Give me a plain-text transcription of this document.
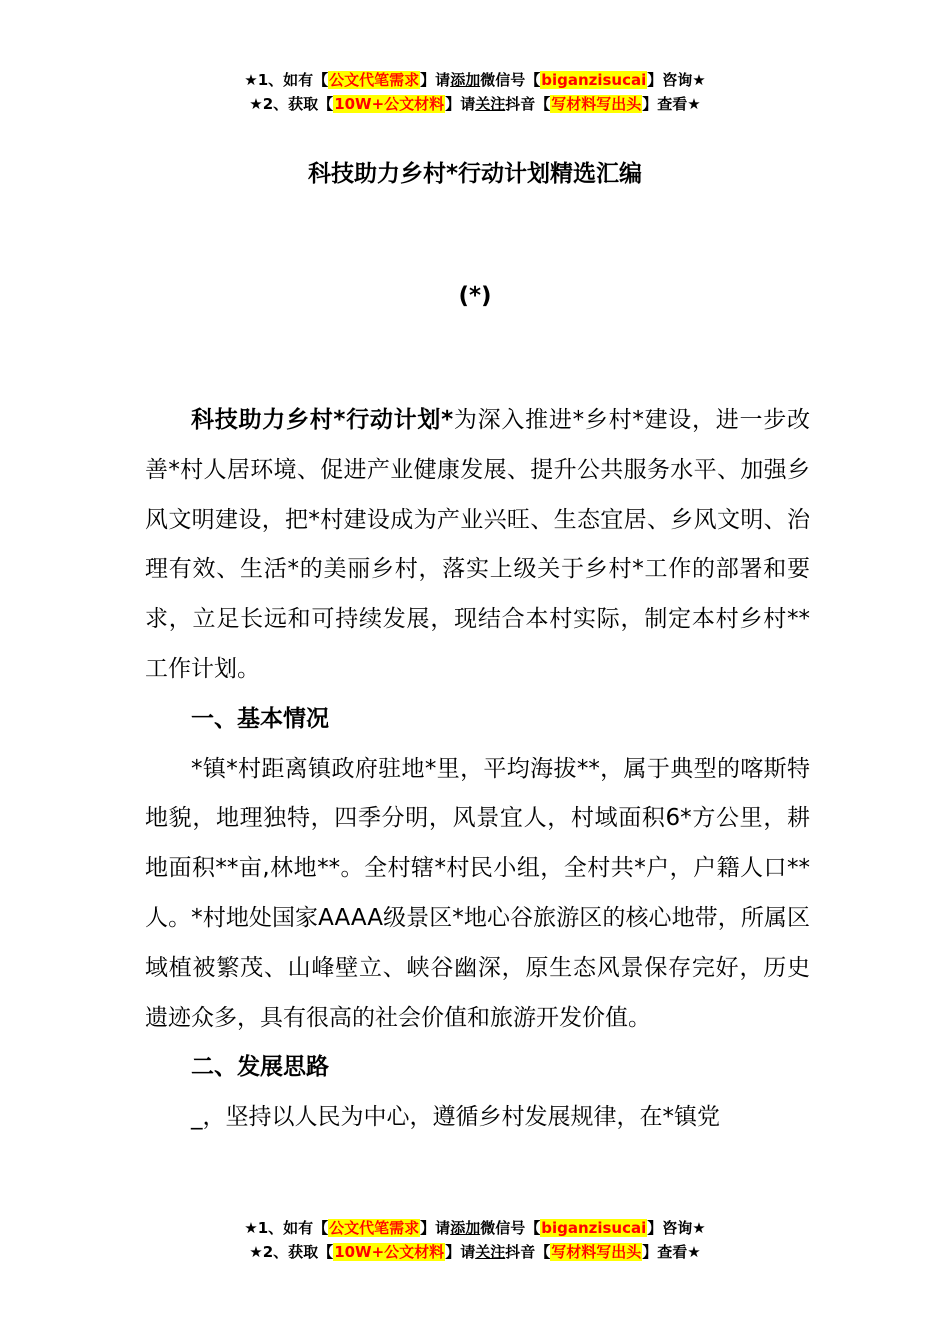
★1、如有【公文代笔需求】请添加微信号【biganzisucai】咨询★
★2、获取【10W+公文材料】请关注抖音【写材料写出头】查看★
科技助力乡村*行动计划精选汇编
(*)

科技助力乡村*行动计划*为深入推进*乡村*建设，进一步改善*村人居环境、促进产业健康发展、提升公共服务水平、加强乡风文明建设，把*村建设成为产业兴旺、生态宜居、乡风文明、治理有效、生活*的美丽乡村，落实上级关于乡村*工作的部署和要求，立足长远和可持续发展，现结合本村实际，制定本村乡村**工作计划。

一、基本情况

*镇*村距离镇政府驻地*里，平均海拔**，属于典型的喀斯特地貌，地理独特，四季分明，风景宜人，村域面积6*方公里，耕地面积**亩,林地**。全村辖*村民小组，全村共*户，户籍人口**人。*村地处国家AAAA级景区*地心谷旅游区的核心地带，所属区域植被繁茂、山峰壁立、峡谷幽深，原生态风景保存完好，历史遗迹众多，具有很高的社会价值和旅游开发价值。

二、发展思路

_，坚持以人民为中心，遵循乡村发展规律，在*镇党

★1、如有【公文代笔需求】请添加微信号【biganzisucai】咨询★
★2、获取【10W+公文材料】请关注抖音【写材料写出头】查看★
